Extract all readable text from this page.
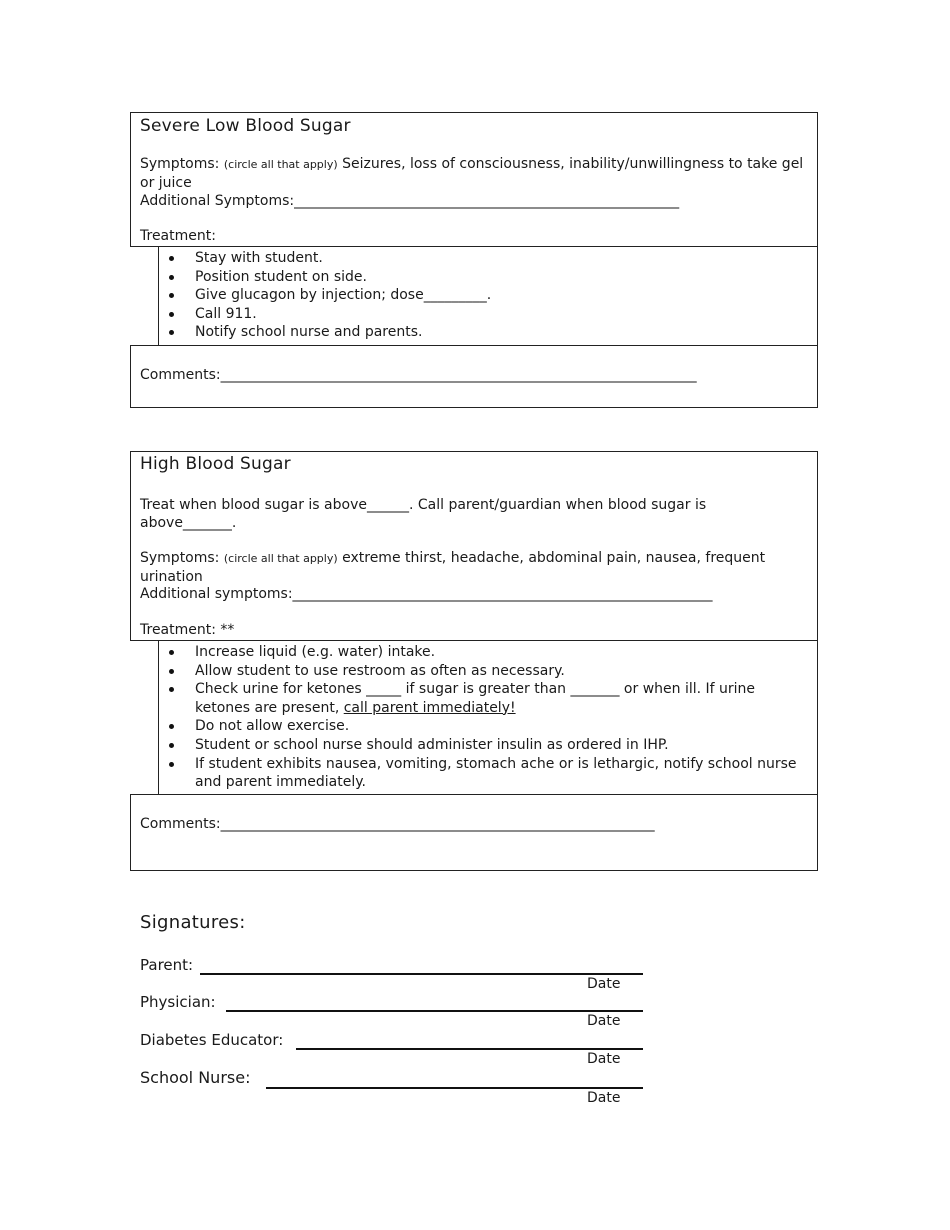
Severe Low Blood Sugar
Symptoms: (circle all that apply) Seizures, loss of consciousness, inability/unwillingness to take gel or juice
Additional Symptoms:_______________________________________________________
Treatment:
Stay with student.
Position student on side.
Give glucagon by injection; dose_________.
Call 911.
Notify school nurse and parents.
Comments:____________________________________________________________________
High Blood Sugar
Treat when blood sugar is above______. Call parent/guardian when blood sugar is above_______.
Symptoms: (circle all that apply) extreme thirst, headache, abdominal pain, nausea, frequent urination
Additional symptoms:____________________________________________________________
Treatment: **
Increase liquid (e.g. water) intake.
Allow student to use restroom as often as necessary.
Check urine for ketones _____ if sugar is greater than _______ or when ill. If urine ketones are present, call parent immediately!
Do not allow exercise.
Student or school nurse should administer insulin as ordered in IHP.
If student exhibits nausea, vomiting, stomach ache or is lethargic, notify school nurse and parent immediately.
Comments:______________________________________________________________
Signatures:
Parent:
Date
Physician:
Date
Diabetes Educator:
Date
School Nurse:
Date
